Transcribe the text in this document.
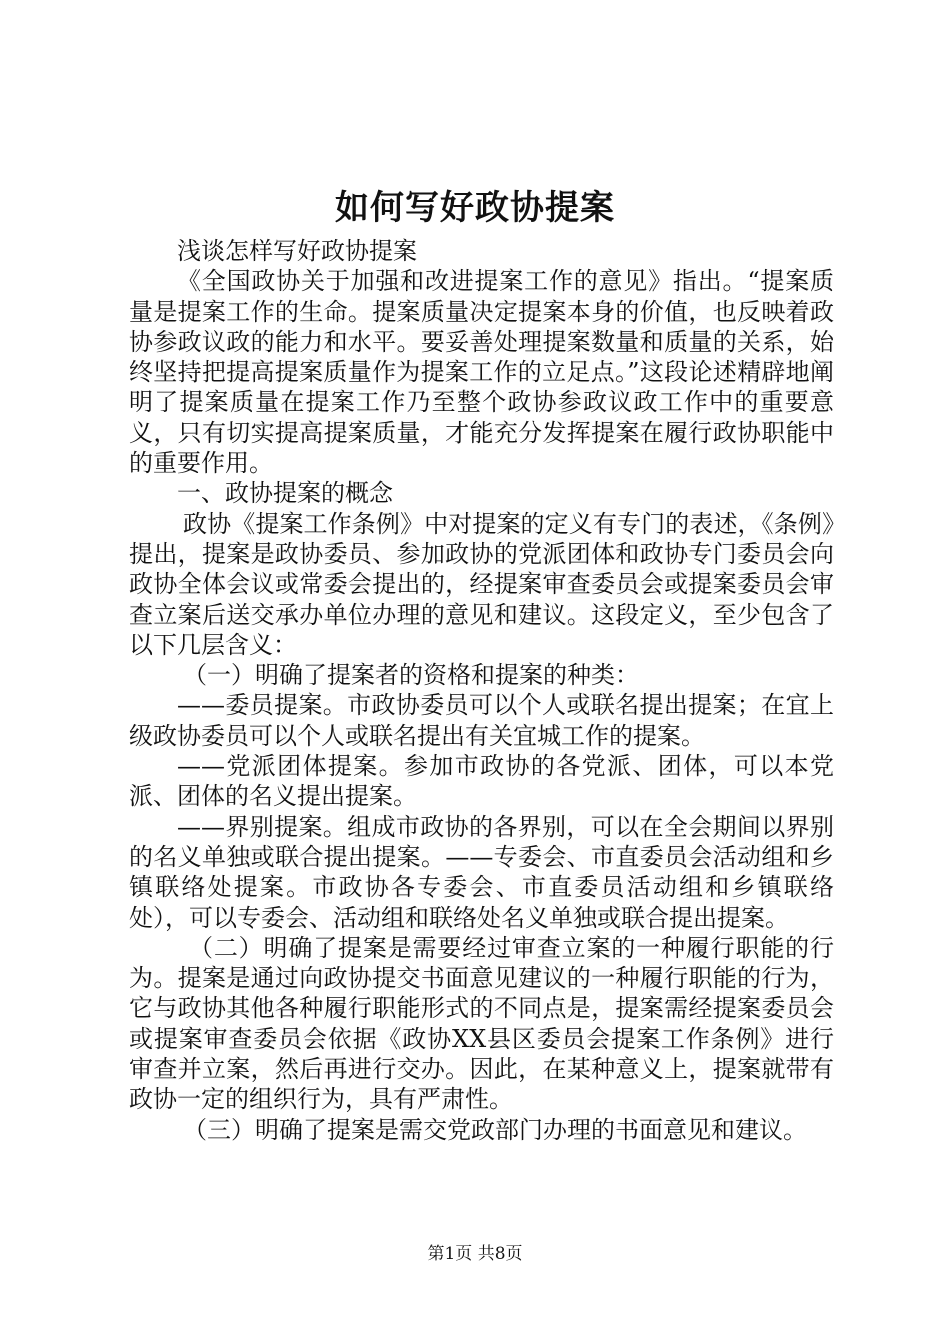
如何写好政协提案

浅谈怎样写好政协提案

《全国政协关于加强和改进提案工作的意见》指出。“提案质量是提案工作的生命。提案质量决定提案本身的价值，也反映着政协参政议政的能力和水平。要妥善处理提案数量和质量的关系，始终坚持把提高提案质量作为提案工作的立足点。”这段论述精辟地阐明了提案质量在提案工作乃至整个政协参政议政工作中的重要意义，只有切实提高提案质量，才能充分发挥提案在履行政协职能中的重要作用。

一、政协提案的概念

政协《提案工作条例》中对提案的定义有专门的表述，《条例》提出，提案是政协委员、参加政协的党派团体和政协专门委员会向政协全体会议或常委会提出的，经提案审查委员会或提案委员会审查立案后送交承办单位办理的意见和建议。这段定义，至少包含了以下几层含义：

（一）明确了提案者的资格和提案的种类：

——委员提案。市政协委员可以个人或联名提出提案；在宜上级政协委员可以个人或联名提出有关宜城工作的提案。

——党派团体提案。参加市政协的各党派、团体，可以本党派、团体的名义提出提案。

——界别提案。组成市政协的各界别，可以在全会期间以界别的名义单独或联合提出提案。——专委会、市直委员会活动组和乡镇联络处提案。市政协各专委会、市直委员活动组和乡镇联络处），可以专委会、活动组和联络处名义单独或联合提出提案。

（二）明确了提案是需要经过审查立案的一种履行职能的行为。提案是通过向政协提交书面意见建议的一种履行职能的行为，它与政协其他各种履行职能形式的不同点是，提案需经提案委员会或提案审查委员会依据《政协XX县区委员会提案工作条例》进行审查并立案，然后再进行交办。因此，在某种意义上，提案就带有政协一定的组织行为，具有严肃性。

（三）明确了提案是需交党政部门办理的书面意见和建议。

第1页 共8页
